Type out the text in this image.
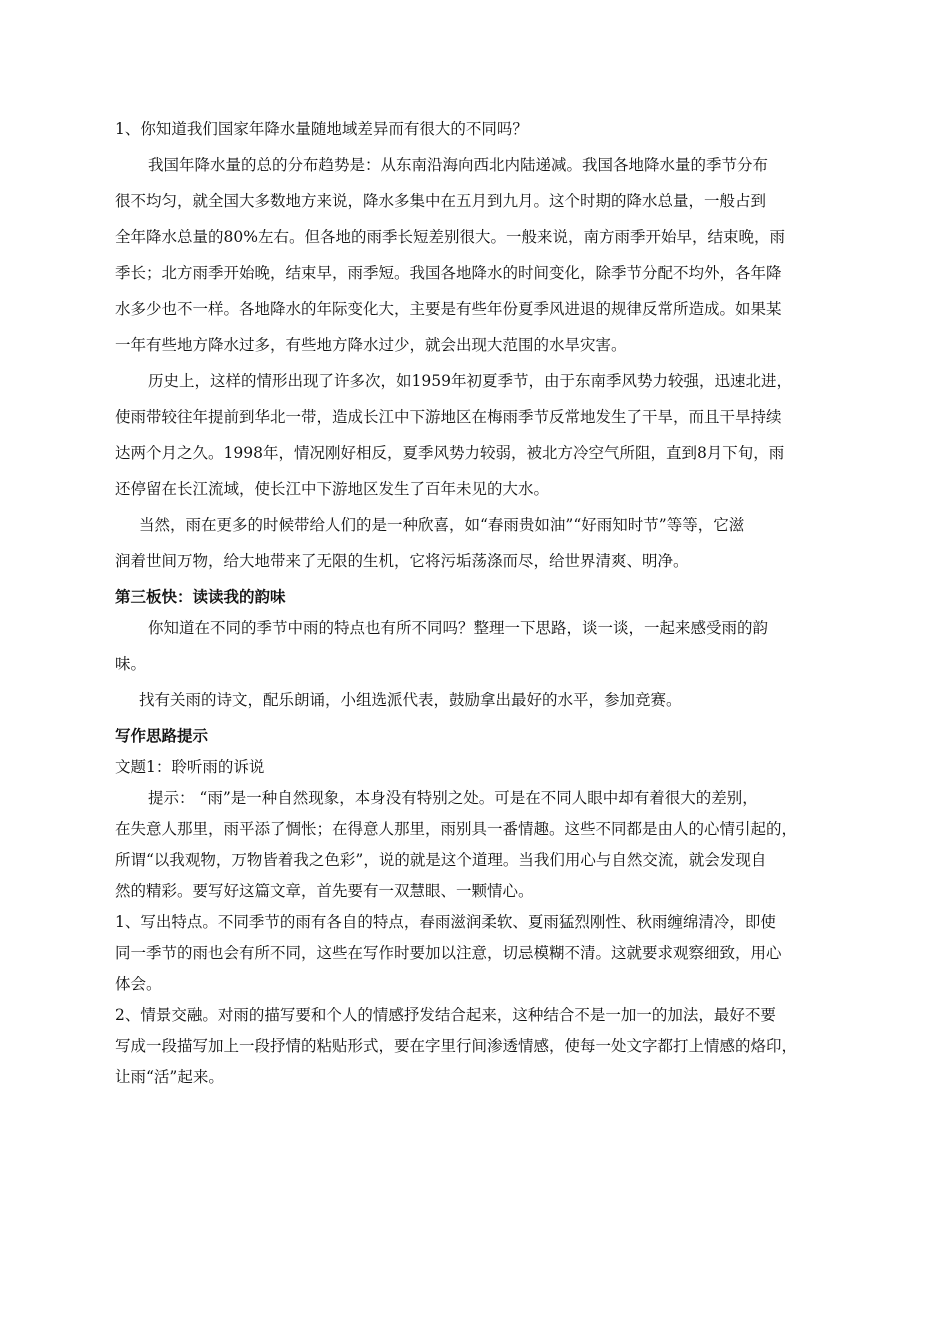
1、你知道我们国家年降水量随地域差异而有很大的不同吗？

我国年降水量的总的分布趋势是：从东南沿海向西北内陆递减。我国各地降水量的季节分布

很不均匀，就全国大多数地方来说，降水多集中在五月到九月。这个时期的降水总量，一般占到

全年降水总量的80%左右。但各地的雨季长短差别很大。一般来说，南方雨季开始早，结束晚，雨

季长；北方雨季开始晚，结束早，雨季短。我国各地降水的时间变化，除季节分配不均外，各年降

水多少也不一样。各地降水的年际变化大，主要是有些年份夏季风进退的规律反常所造成。如果某

一年有些地方降水过多，有些地方降水过少，就会出现大范围的水旱灾害。

历史上，这样的情形出现了许多次，如1959年初夏季节，由于东南季风势力较强，迅速北进，

使雨带较往年提前到华北一带，造成长江中下游地区在梅雨季节反常地发生了干旱，而且干旱持续

达两个月之久。1998年，情况刚好相反，夏季风势力较弱，被北方冷空气所阻，直到8月下旬，雨

还停留在长江流域，使长江中下游地区发生了百年未见的大水。

当然，雨在更多的时候带给人们的是一种欣喜，如“春雨贵如油”“好雨知时节”等等，它滋

润着世间万物，给大地带来了无限的生机，它将污垢荡涤而尽，给世界清爽、明净。

第三板快：读读我的韵味

你知道在不同的季节中雨的特点也有所不同吗？整理一下思路，谈一谈，一起来感受雨的韵

味。

找有关雨的诗文，配乐朗诵，小组选派代表，鼓励拿出最好的水平，参加竞赛。

写作思路提示

文题1：聆听雨的诉说

提示： “雨”是一种自然现象，本身没有特别之处。可是在不同人眼中却有着很大的差别，

在失意人那里，雨平添了惆怅；在得意人那里，雨别具一番情趣。这些不同都是由人的心情引起的，

所谓“以我观物，万物皆着我之色彩”，说的就是这个道理。当我们用心与自然交流，就会发现自

然的精彩。要写好这篇文章，首先要有一双慧眼、一颗情心。

1、写出特点。不同季节的雨有各自的特点，春雨滋润柔软、夏雨猛烈刚性、秋雨缠绵清冷，即使

同一季节的雨也会有所不同，这些在写作时要加以注意，切忌模糊不清。这就要求观察细致，用心

体会。

2、情景交融。对雨的描写要和个人的情感抒发结合起来，这种结合不是一加一的加法，最好不要

写成一段描写加上一段抒情的粘贴形式，要在字里行间渗透情感，使每一处文字都打上情感的烙印，

让雨“活”起来。
